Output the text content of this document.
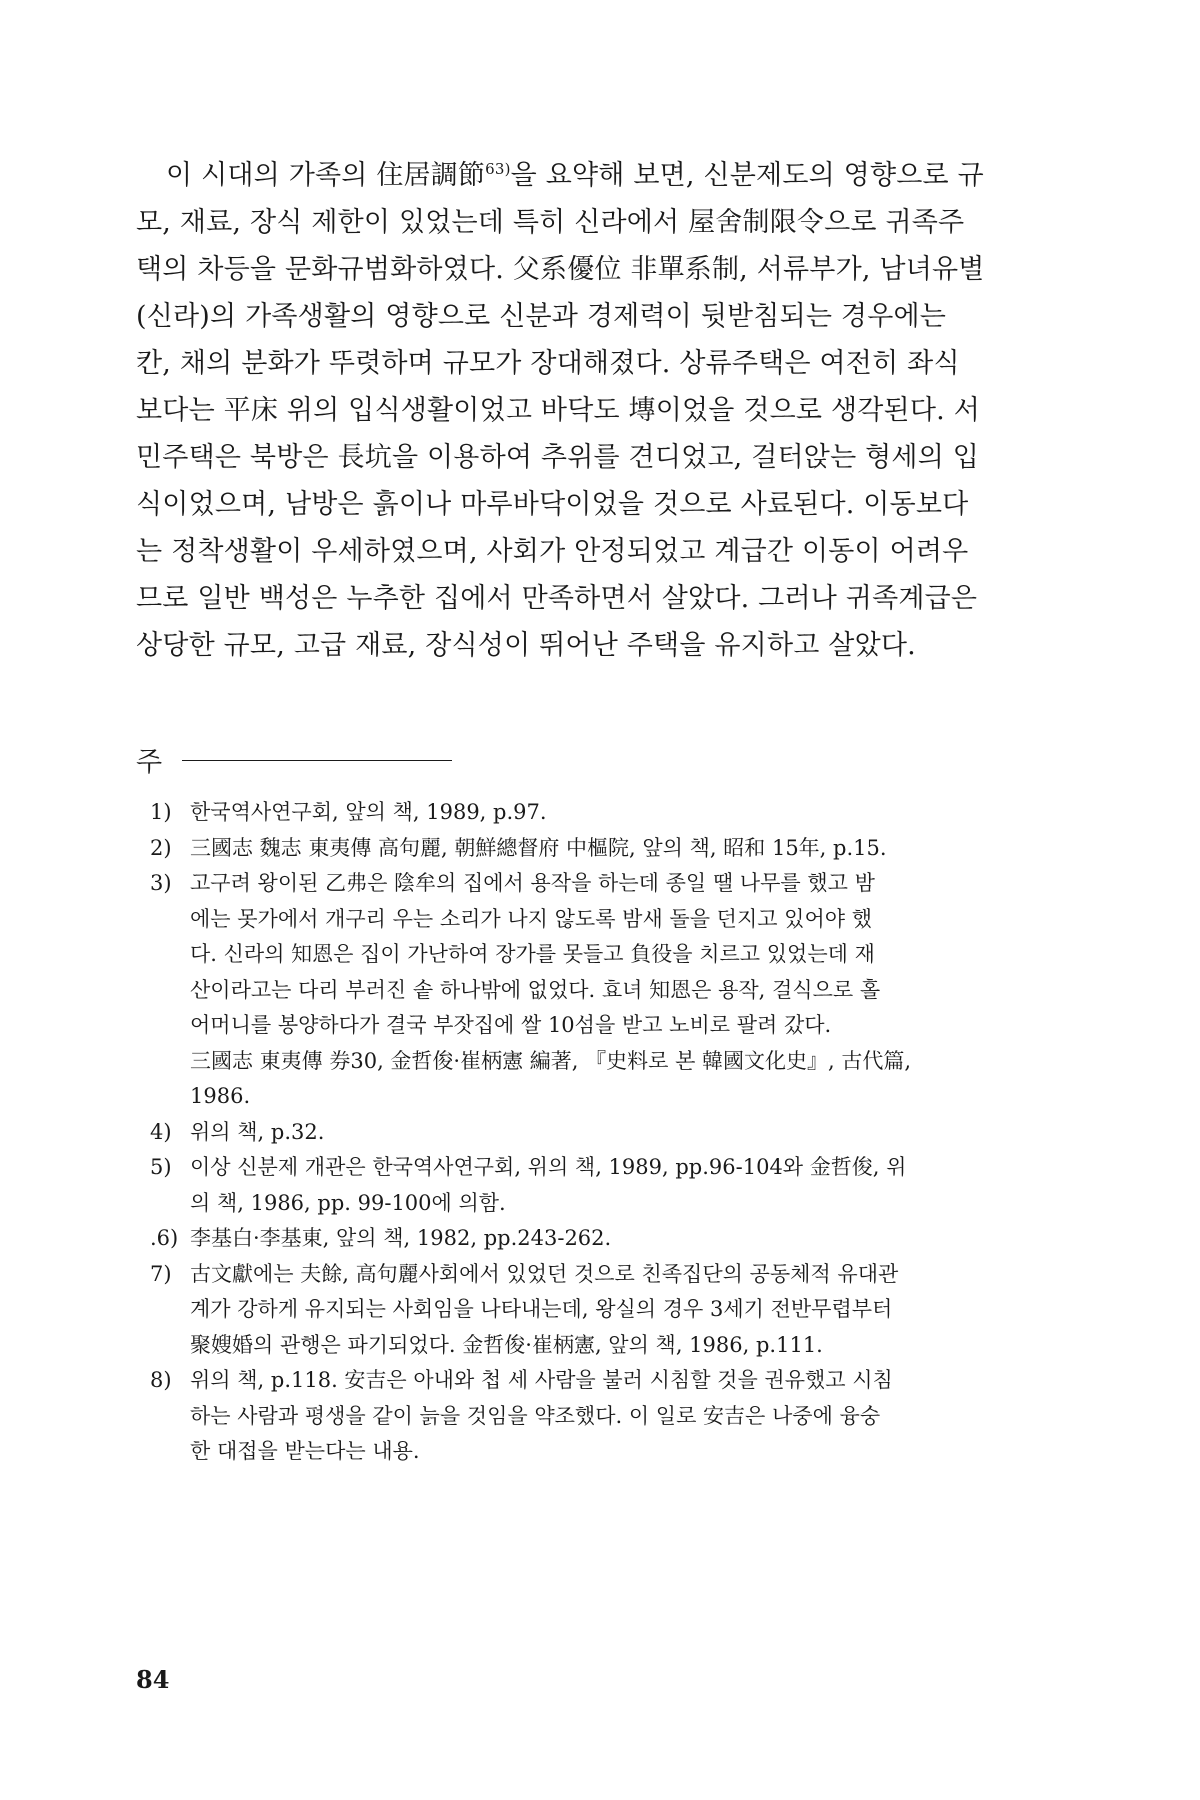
이 시대의 가족의 住居調節$^{63)}$을 요약해 보면, 신분제도의 영향으로 규
모, 재료, 장식 제한이 있었는데 특히 신라에서 屋舍制限令으로 귀족주
택의 차등을 문화규범화하였다. 父系優位 非單系制, 서류부가, 남녀유별
(신라)의 가족생활의 영향으로 신분과 경제력이 뒷받침되는 경우에는
칸, 채의 분화가 뚜렷하며 규모가 장대해졌다. 상류주택은 여전히 좌식
보다는 平床 위의 입식생활이었고 바닥도 塼이었을 것으로 생각된다. 서
민주택은 북방은 長坑을 이용하여 추위를 견디었고, 걸터앉는 형세의 입
식이었으며, 남방은 흙이나 마루바닥이었을 것으로 사료된다. 이동보다
는 정착생활이 우세하였으며, 사회가 안정되었고 계급간 이동이 어려우
므로 일반 백성은 누추한 집에서 만족하면서 살았다. 그러나 귀족계급은
상당한 규모, 고급 재료, 장식성이 뛰어난 주택을 유지하고 살았다.
주
1) 한국역사연구회, 앞의 책, 1989, p.97.
2) 三國志 魏志 東夷傳 高句麗, 朝鮮總督府 中樞院, 앞의 책, 昭和 15年, p.15.
3) 고구려 왕이된 乙弗은 陰牟의 집에서 용작을 하는데 종일 땔 나무를 했고 밤
에는 못가에서 개구리 우는 소리가 나지 않도록 밤새 돌을 던지고 있어야 했
다. 신라의 知恩은 집이 가난하여 장가를 못들고 負役을 치르고 있었는데 재
산이라고는 다리 부러진 솥 하나밖에 없었다. 효녀 知恩은 용작, 걸식으로 홀
어머니를 봉양하다가 결국 부잣집에 쌀 10섬을 받고 노비로 팔려 갔다.
三國志 東夷傳 券30, 金哲俊·崔柄憲 編著, 『史料로 본 韓國文化史』, 古代篇,
1986.
4) 위의 책, p.32.
5) 이상 신분제 개관은 한국역사연구회, 위의 책, 1989, pp.96-104와 金哲俊, 위
의 책, 1986, pp. 99-100에 의함.
.6) 李基白·李基東, 앞의 책, 1982, pp.243-262.
7) 古文獻에는 夫餘, 高句麗사회에서 있었던 것으로 친족집단의 공동체적 유대관
계가 강하게 유지되는 사회임을 나타내는데, 왕실의 경우 3세기 전반무렵부터
聚嫂婚의 관행은 파기되었다. 金哲俊·崔柄憲, 앞의 책, 1986, p.111.
8) 위의 책, p.118. 安吉은 아내와 첩 세 사람을 불러 시침할 것을 권유했고 시침
하는 사람과 평생을 같이 늙을 것임을 약조했다. 이 일로 安吉은 나중에 융숭
한 대접을 받는다는 내용.
84
